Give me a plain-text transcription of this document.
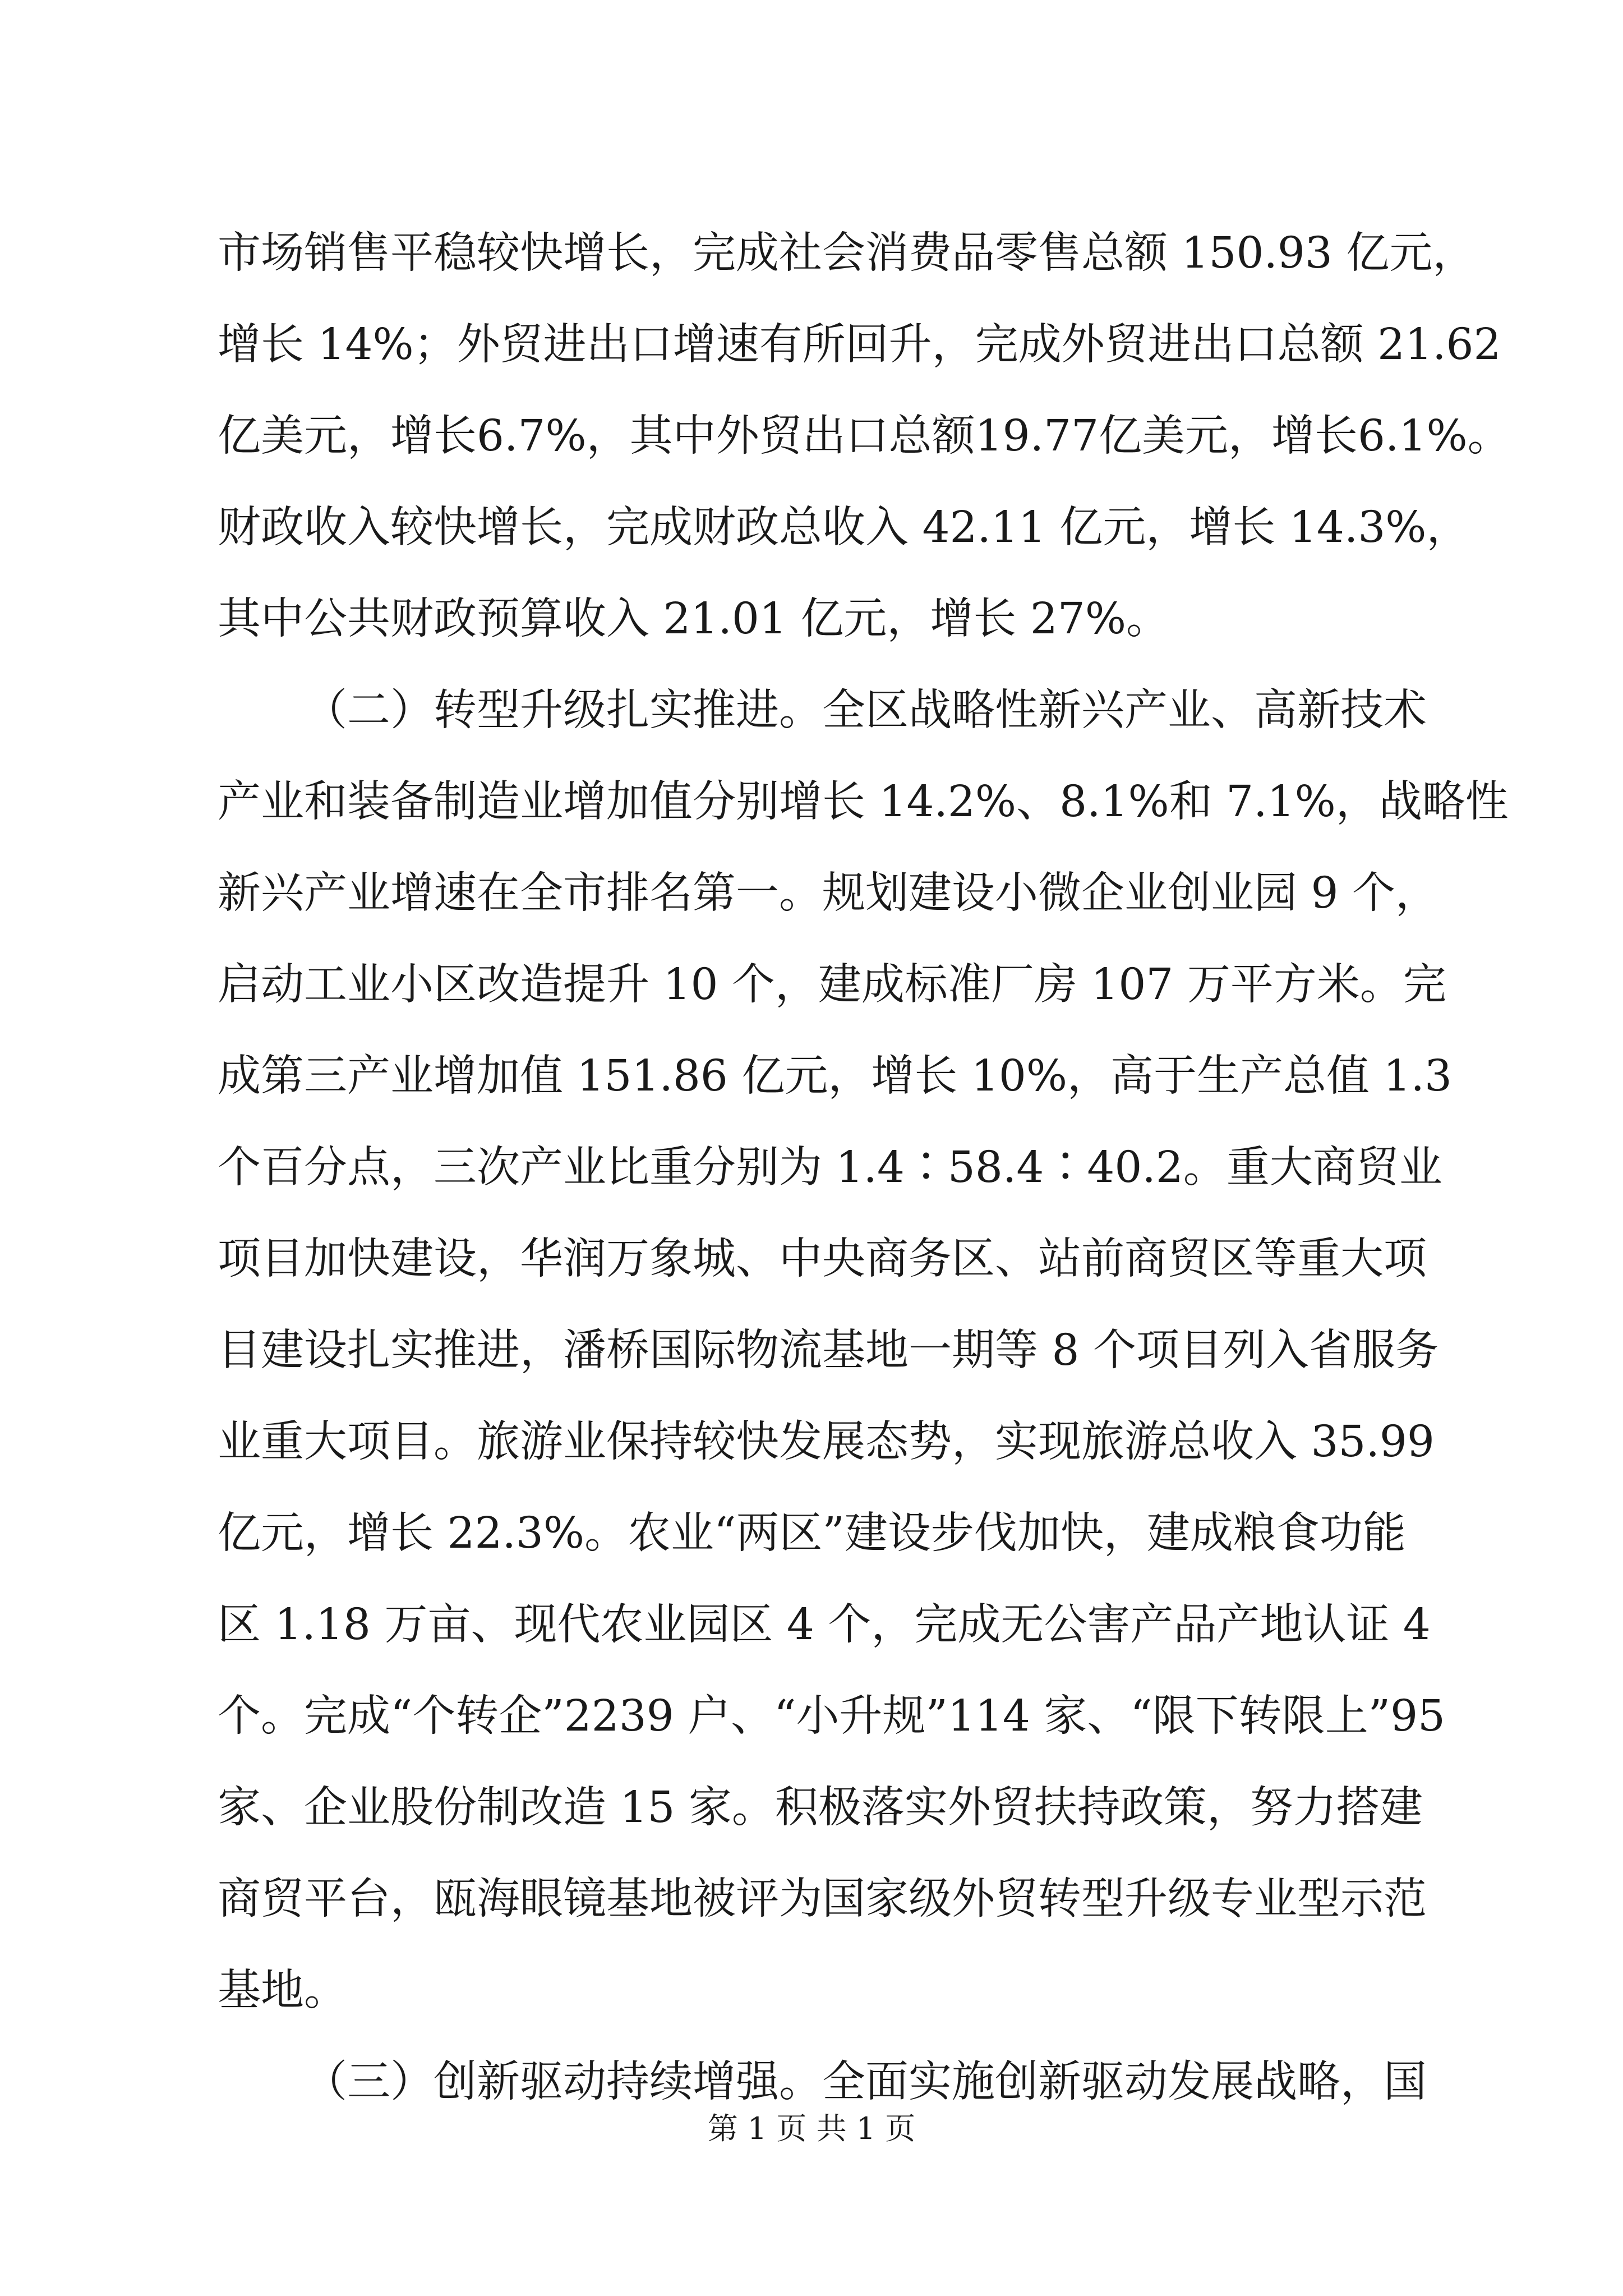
市场销售平稳较快增长，完成社会消费品零售总额 150.93 亿元，
增长 14%；外贸进出口增速有所回升，完成外贸进出口总额 21.62
亿美元，增长6.7%，其中外贸出口总额19.77亿美元，增长6.1%。
财政收入较快增长，完成财政总收入 42.11 亿元，增长 14.3%，
其中公共财政预算收入 21.01 亿元，增长 27%。
（二）转型升级扎实推进。全区战略性新兴产业、高新技术
产业和装备制造业增加值分别增长 14.2%、8.1%和 7.1%，战略性
新兴产业增速在全市排名第一。规划建设小微企业创业园 9 个，
启动工业小区改造提升 10 个，建成标准厂房 107 万平方米。完
成第三产业增加值 151.86 亿元，增长 10%，高于生产总值 1.3
个百分点，三次产业比重分别为 1.4∶58.4∶40.2。重大商贸业
项目加快建设，华润万象城、中央商务区、站前商贸区等重大项
目建设扎实推进，潘桥国际物流基地一期等 8 个项目列入省服务
业重大项目。旅游业保持较快发展态势，实现旅游总收入 35.99
亿元，增长 22.3%。农业“两区”建设步伐加快，建成粮食功能
区 1.18 万亩、现代农业园区 4 个，完成无公害产品产地认证 4
个。完成“个转企”2239 户、“小升规”114 家、“限下转限上”95
家、企业股份制改造 15 家。积极落实外贸扶持政策，努力搭建
商贸平台，瓯海眼镜基地被评为国家级外贸转型升级专业型示范
基地。
（三）创新驱动持续增强。全面实施创新驱动发展战略，国
第 1 页 共 1 页
